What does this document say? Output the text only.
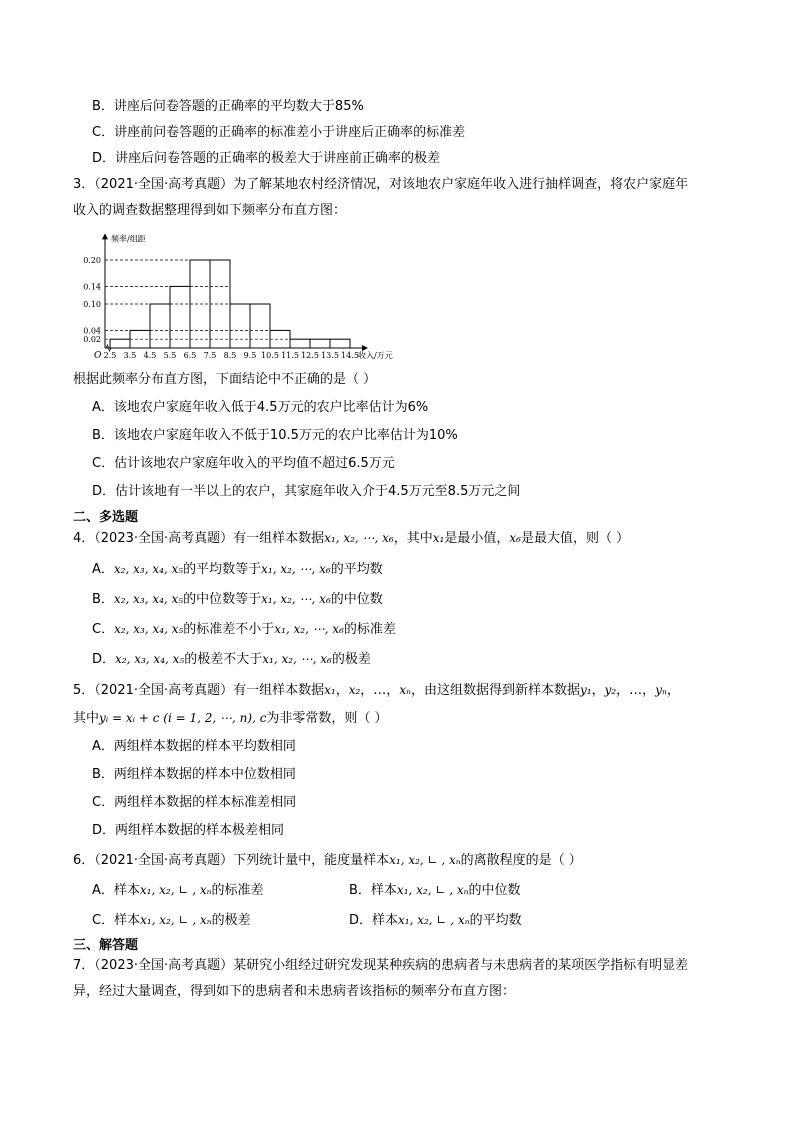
B．讲座后问卷答题的正确率的平均数大于85%
C．讲座前问卷答题的正确率的标准差小于讲座后正确率的标准差
D．讲座后问卷答题的正确率的极差大于讲座前正确率的极差
3．（2021·全国·高考真题）为了解某地农村经济情况，对该地农户家庭年收入进行抽样调查，将农户家庭年
收入的调查数据整理得到如下频率分布直方图：
0.02
0.04
0.10
0.14
0.20
2.5 3.5 4.5 5.5 6.5 7.5 8.5 9.5 10.5 11.5 12.5 13.5 14.5
O
频率/组距
收入/万元
根据此频率分布直方图，下面结论中不正确的是（ ）
A．该地农户家庭年收入低于4.5万元的农户比率估计为6%
B．该地农户家庭年收入不低于10.5万元的农户比率估计为10%
C．估计该地农户家庭年收入的平均值不超过6.5万元
D．估计该地有一半以上的农户，其家庭年收入介于4.5万元至8.5万元之间
二、多选题
4．（2023·全国·高考真题）有一组样本数据x₁, x₂, ⋯, x₆，其中x₁是最小值，x₆是最大值，则（ ）
A．x₂, x₃, x₄, x₅的平均数等于x₁, x₂, ⋯, x₆的平均数
B．x₂, x₃, x₄, x₅的中位数等于x₁, x₂, ⋯, x₆的中位数
C．x₂, x₃, x₄, x₅的标准差不小于x₁, x₂, ⋯, x₆的标准差
D．x₂, x₃, x₄, x₅的极差不大于x₁, x₂, ⋯, x₆的极差
5．（2021·全国·高考真题）有一组样本数据x₁，x₂，…，xₙ，由这组数据得到新样本数据y₁，y₂，…，yₙ，
其中yᵢ = xᵢ + c (i = 1, 2, ⋯, n), c为非零常数，则（ ）
A．两组样本数据的样本平均数相同
B．两组样本数据的样本中位数相同
C．两组样本数据的样本标准差相同
D．两组样本数据的样本极差相同
6．（2021·全国·高考真题）下列统计量中，能度量样本x₁, x₂, ∟ , xₙ的离散程度的是（ ）
A．样本x₁, x₂, ∟ , xₙ的标准差	B．样本x₁, x₂, ∟ , xₙ的中位数
C．样本x₁, x₂, ∟ , xₙ的极差	D．样本x₁, x₂, ∟ , xₙ的平均数
三、解答题
7．（2023·全国·高考真题）某研究小组经过研究发现某种疾病的患病者与未患病者的某项医学指标有明显差
异，经过大量调查，得到如下的患病者和未患病者该指标的频率分布直方图：
